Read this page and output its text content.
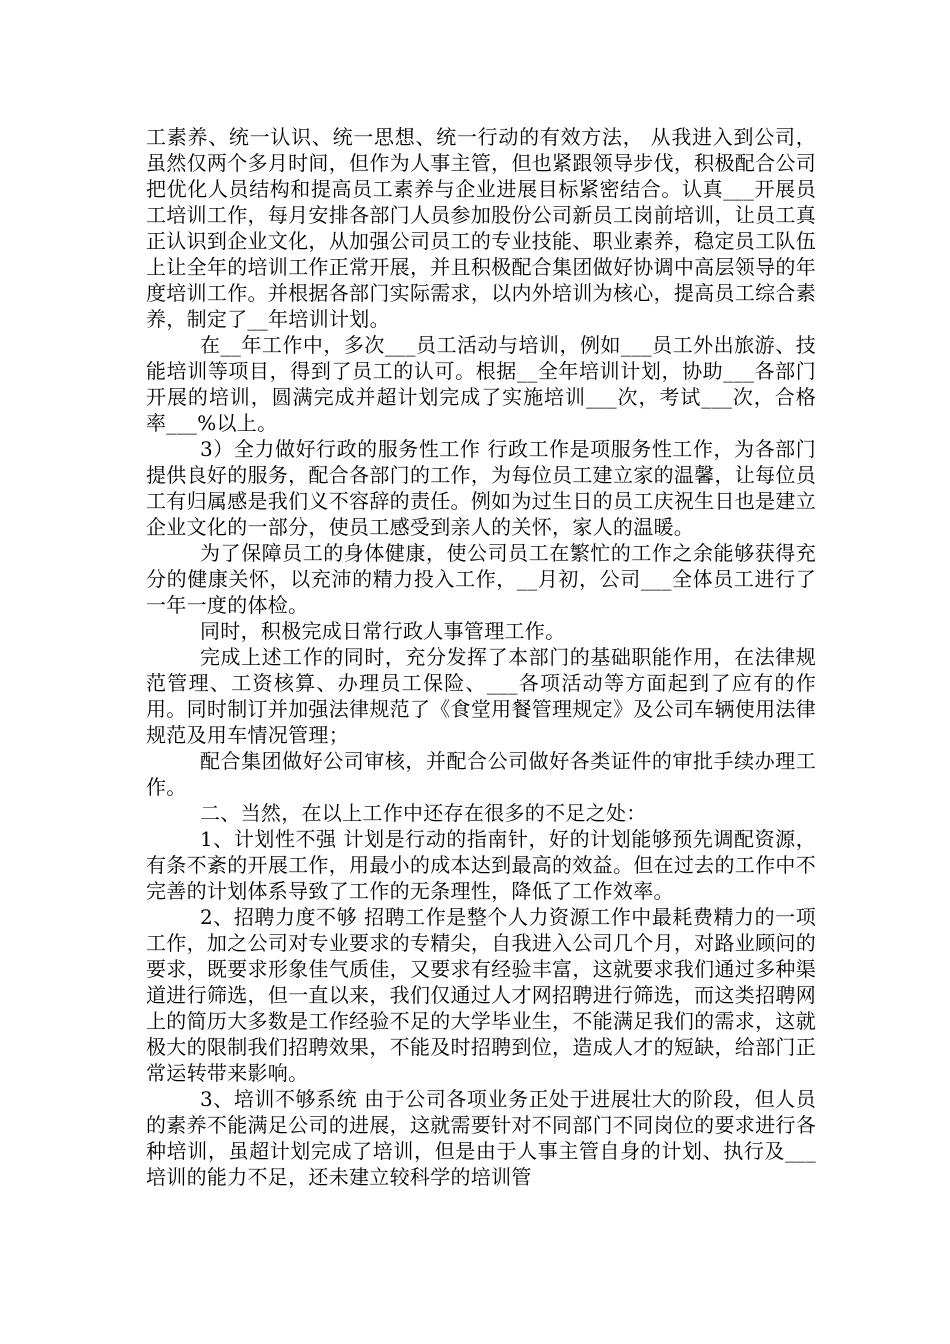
工素养、统一认识、统一思想、统一行动的有效方法， 从我进入到公司，虽然仅两个多月时间，但作为人事主管，但也紧跟领导步伐，积极配合公司把优化人员结构和提高员工素养与企业进展目标紧密结合。认真___开展员工培训工作，每月安排各部门人员参加股份公司新员工岗前培训，让员工真正认识到企业文化，从加强公司员工的专业技能、职业素养，稳定员工队伍上让全年的培训工作正常开展，并且积极配合集团做好协调中高层领导的年度培训工作。并根据各部门实际需求，以内外培训为核心，提高员工综合素养，制定了__年培训计划。

在__年工作中，多次___员工活动与培训，例如___员工外出旅游、技能培训等项目，得到了员工的认可。根据__全年培训计划，协助___各部门开展的培训，圆满完成并超计划完成了实施培训___次，考试___次，合格率___%以上。

3）全力做好行政的服务性工作 行政工作是项服务性工作，为各部门提供良好的服务，配合各部门的工作，为每位员工建立家的温馨，让每位员工有归属感是我们义不容辞的责任。例如为过生日的员工庆祝生日也是建立企业文化的一部分，使员工感受到亲人的关怀，家人的温暖。

为了保障员工的身体健康，使公司员工在繁忙的工作之余能够获得充分的健康关怀，以充沛的精力投入工作，__月初，公司___全体员工进行了一年一度的体检。

同时，积极完成日常行政人事管理工作。

完成上述工作的同时，充分发挥了本部门的基础职能作用，在法律规范管理、工资核算、办理员工保险、___各项活动等方面起到了应有的作用。同时制订并加强法律规范了《食堂用餐管理规定》及公司车辆使用法律规范及用车情况管理；

配合集团做好公司审核，并配合公司做好各类证件的审批手续办理工作。

二、当然，在以上工作中还存在很多的不足之处：

1、计划性不强 计划是行动的指南针，好的计划能够预先调配资源，有条不紊的开展工作，用最小的成本达到最高的效益。但在过去的工作中不完善的计划体系导致了工作的无条理性，降低了工作效率。

2、招聘力度不够 招聘工作是整个人力资源工作中最耗费精力的一项工作，加之公司对专业要求的专精尖，自我进入公司几个月，对路业顾问的要求，既要求形象佳气质佳，又要求有经验丰富，这就要求我们通过多种渠道进行筛选，但一直以来，我们仅通过人才网招聘进行筛选，而这类招聘网上的简历大多数是工作经验不足的大学毕业生，不能满足我们的需求，这就极大的限制我们招聘效果，不能及时招聘到位，造成人才的短缺，给部门正常运转带来影响。

3、培训不够系统 由于公司各项业务正处于进展壮大的阶段，但人员的素养不能满足公司的进展，这就需要针对不同部门不同岗位的要求进行各种培训，虽超计划完成了培训，但是由于人事主管自身的计划、执行及___培训的能力不足，还未建立较科学的培训管
